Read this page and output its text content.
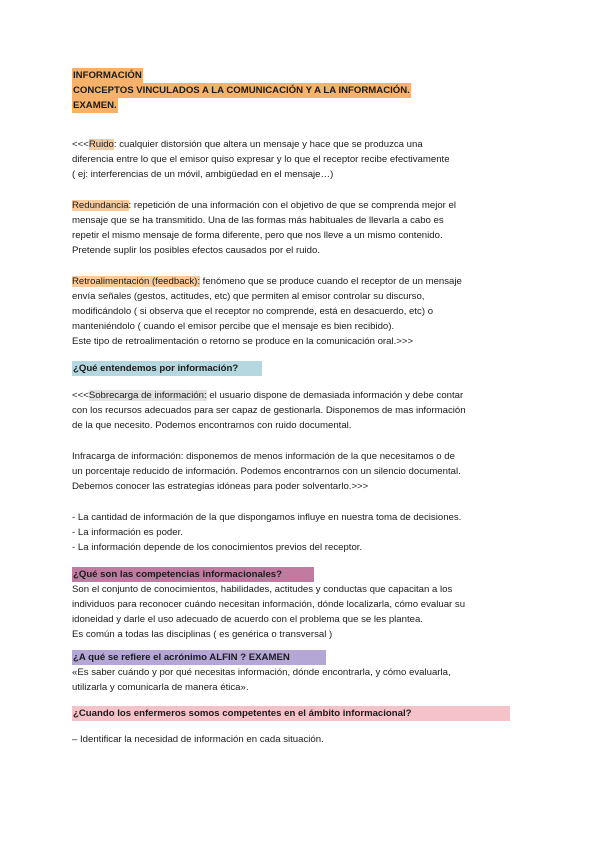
INFORMACIÓN
CONCEPTOS VINCULADOS A LA COMUNICACIÓN Y A LA INFORMACIÓN.
EXAMEN.

<<<Ruido: cualquier distorsión que altera un mensaje y hace que se produzca una

diferencia entre lo que el emisor quiso expresar y lo que el receptor recibe efectivamente

( ej: interferencias de un móvil, ambigüedad en el mensaje…)

Redundancia: repetición de una información con el objetivo de que se comprenda mejor el

mensaje que se ha transmitido. Una de las formas más habituales de llevarla a cabo es

repetir el mismo mensaje de forma diferente, pero que nos lleve a un mismo contenido.

Pretende suplir los posibles efectos causados por el ruido.

Retroalimentación (feedback): fenómeno que se produce cuando el receptor de un mensaje

envía señales (gestos, actitudes, etc) que permiten al emisor controlar su discurso,

modificándolo ( si observa que el receptor no comprende, está en desacuerdo, etc) o

manteniéndolo ( cuando el emisor percibe que el mensaje es bien recibido).

Este tipo de retroalimentación o retorno se produce en la comunicación oral.>>>

¿Qué entendemos por información?

<<<Sobrecarga de información: el usuario dispone de demasiada información y debe contar

con los recursos adecuados para ser capaz de gestionarla. Disponemos de mas información

de la que necesito. Podemos encontrarnos con ruido documental.

Infracarga de información: disponemos de menos información de la que necesitamos o de

un porcentaje reducido de información. Podemos encontrarnos con un silencio documental.

Debemos conocer las estrategias idóneas para poder solventarlo.>>>

- La cantidad de información de la que dispongamos influye en nuestra toma de decisiones.

- La información es poder.

- La información depende de los conocimientos previos del receptor.

¿Qué son las competencias informacionales?

Son el conjunto de conocimientos, habilidades, actitudes y conductas que capacitan a los

individuos para reconocer cuándo necesitan información, dónde localizarla, cómo evaluar su

idoneidad y darle el uso adecuado de acuerdo con el problema que se les plantea.

Es común a todas las disciplinas ( es genérica o transversal )

¿A qué se refiere el acrónimo ALFIN ? EXAMEN

«Es saber cuándo y por qué necesitas información, dónde encontrarla, y cómo evaluarla,

utilizarla y comunicarla de manera ética».

¿Cuando los enfermeros somos competentes en el ámbito informacional?

– Identificar la necesidad de información en cada situación.
